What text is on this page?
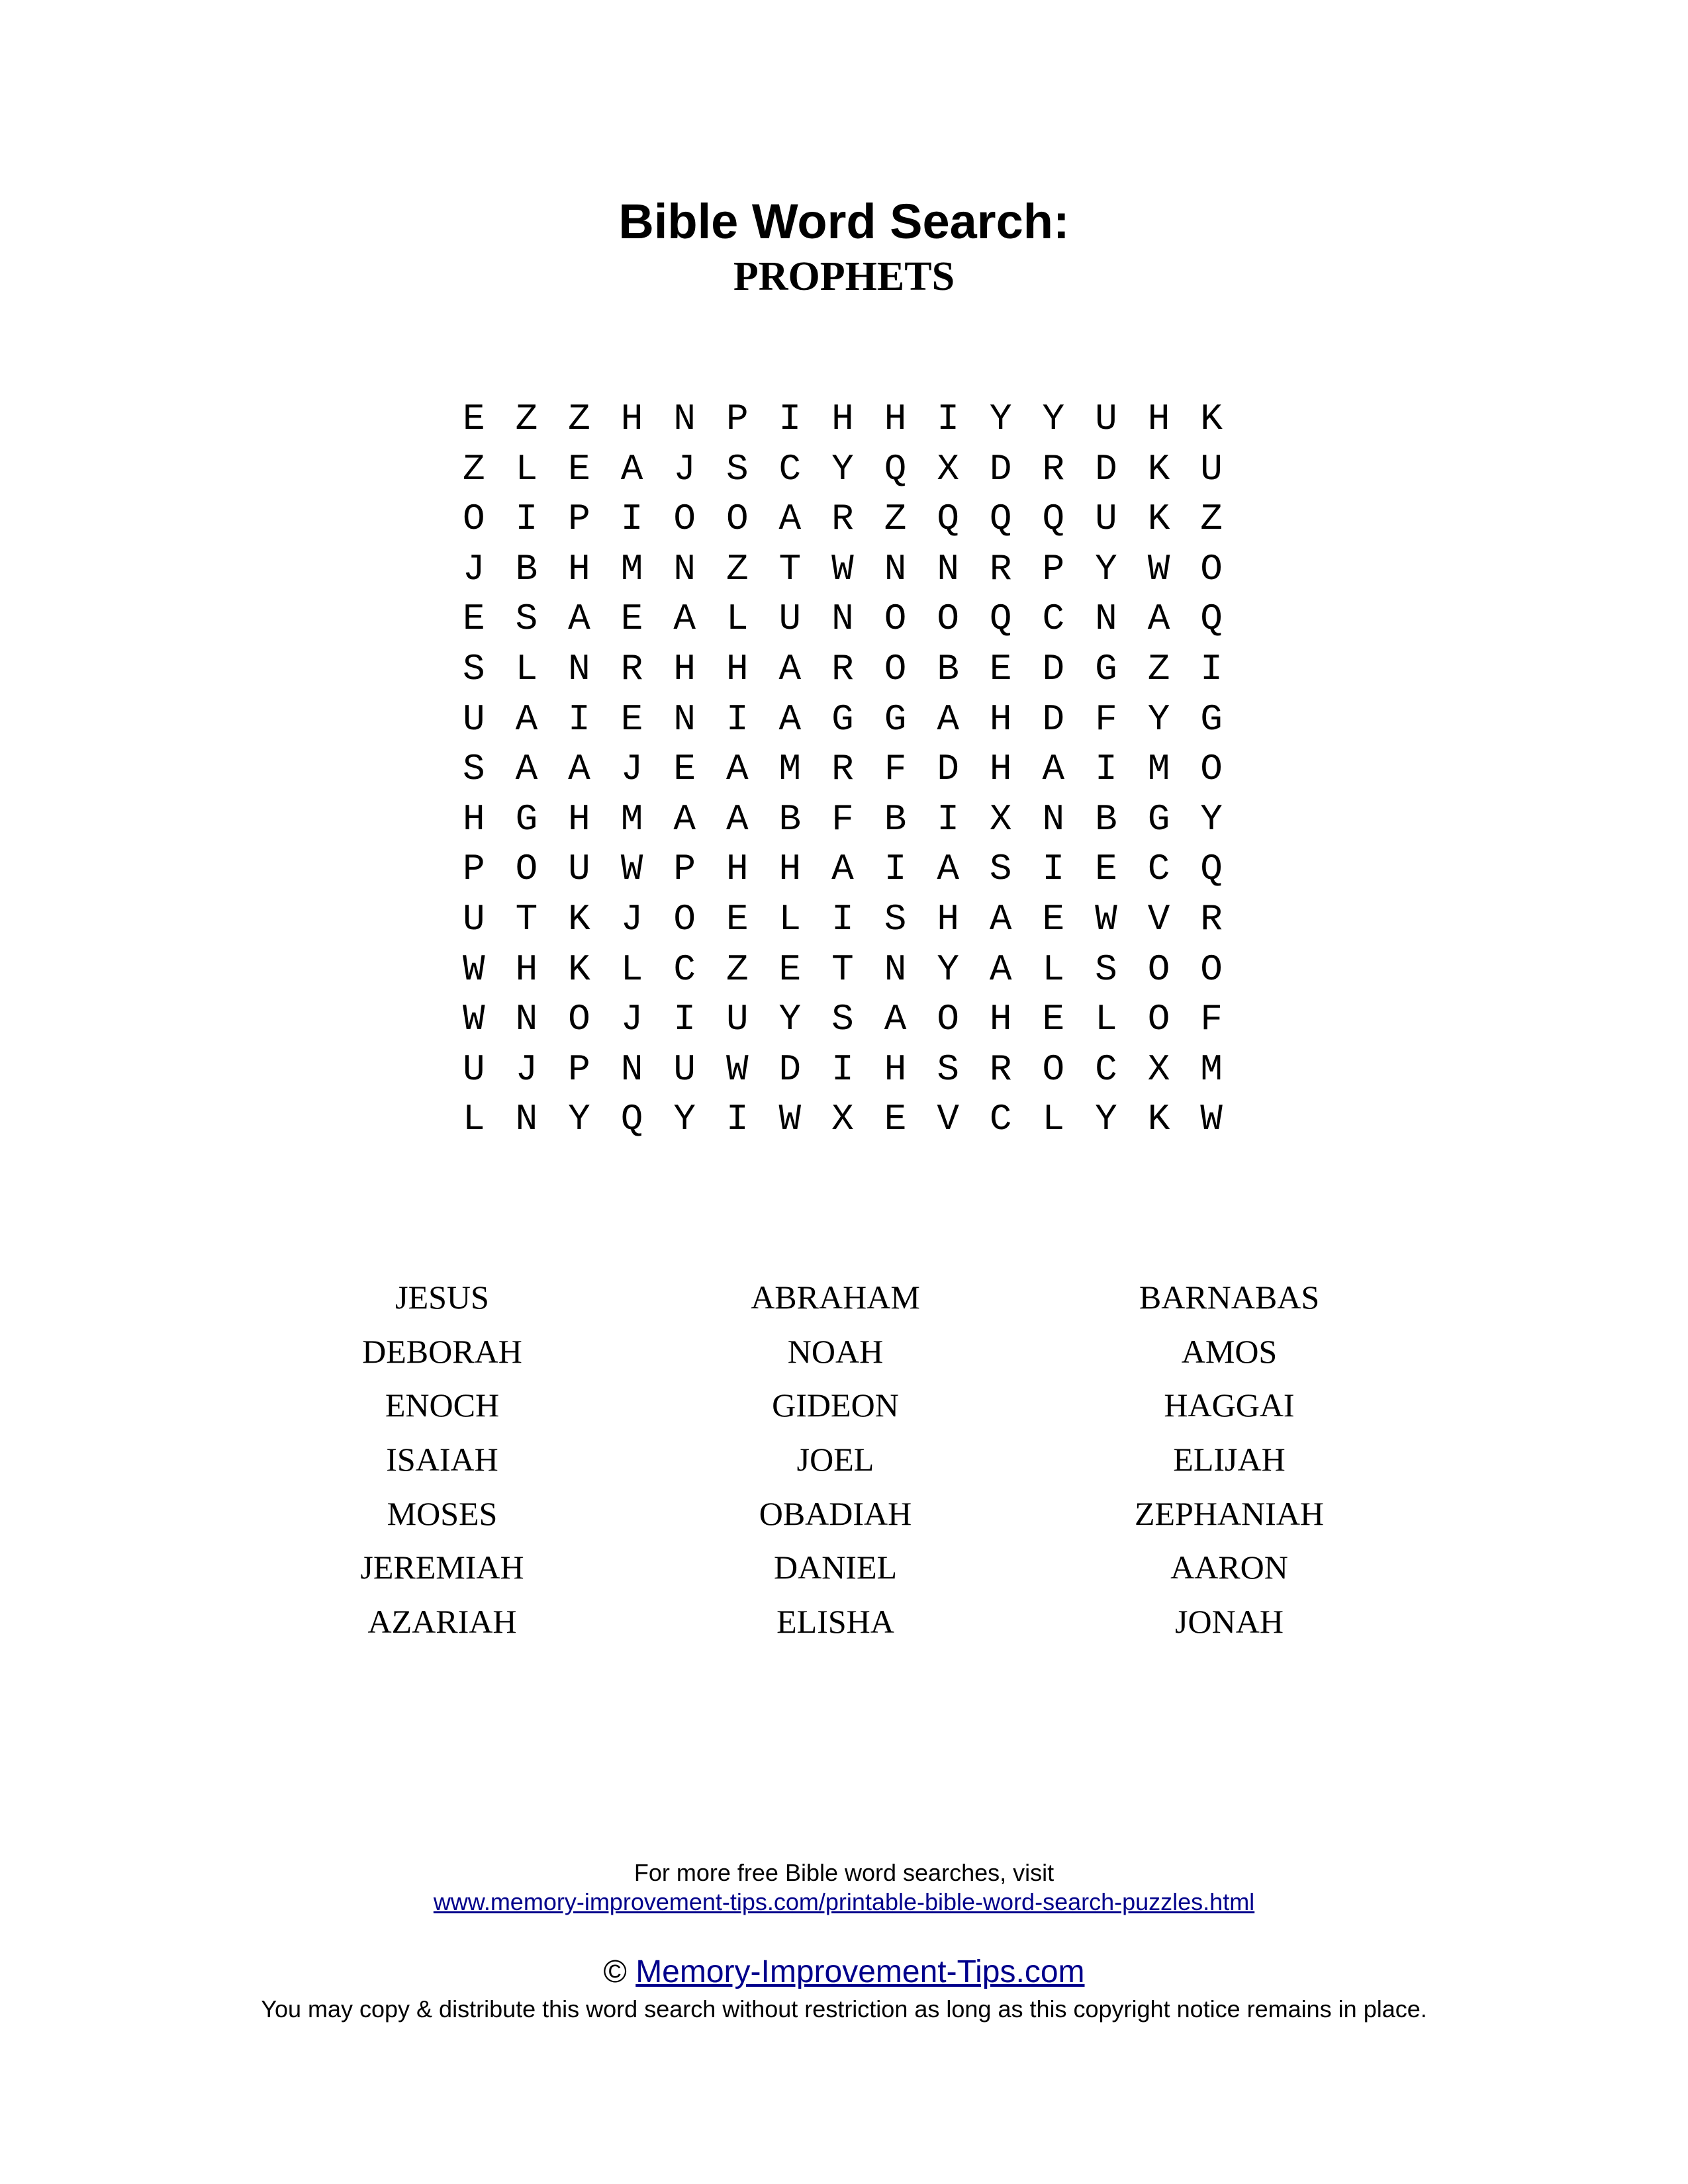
Bible Word Search:
PROPHETS
E Z Z H N P I H H I Y Y U H K
Z L E A J S C Y Q X D R D K U
O I P I O O A R Z Q Q Q U K Z
J B H M N Z T W N N R P Y W O
E S A E A L U N O O Q C N A Q
S L N R H H A R O B E D G Z I
U A I E N I A G G A H D F Y G
S A A J E A M R F D H A I M O
H G H M A A B F B I X N B G Y
P O U W P H H A I A S I E C Q
U T K J O E L I S H A E W V R
W H K L C Z E T N Y A L S O O
W N O J I U Y S A O H E L O F
U J P N U W D I H S R O C X M
L N Y Q Y I W X E V C L Y K W
JESUS
DEBORAH
ENOCH
ISAIAH
MOSES
JEREMIAH
AZARIAH
ABRAHAM
NOAH
GIDEON
JOEL
OBADIAH
DANIEL
ELISHA
BARNABAS
AMOS
HAGGAI
ELIJAH
ZEPHANIAH
AARON
JONAH
For more free Bible word searches, visit
www.memory-improvement-tips.com/printable-bible-word-search-puzzles.html
© Memory-Improvement-Tips.com
You may copy & distribute this word search without restriction as long as this copyright notice remains in place.
